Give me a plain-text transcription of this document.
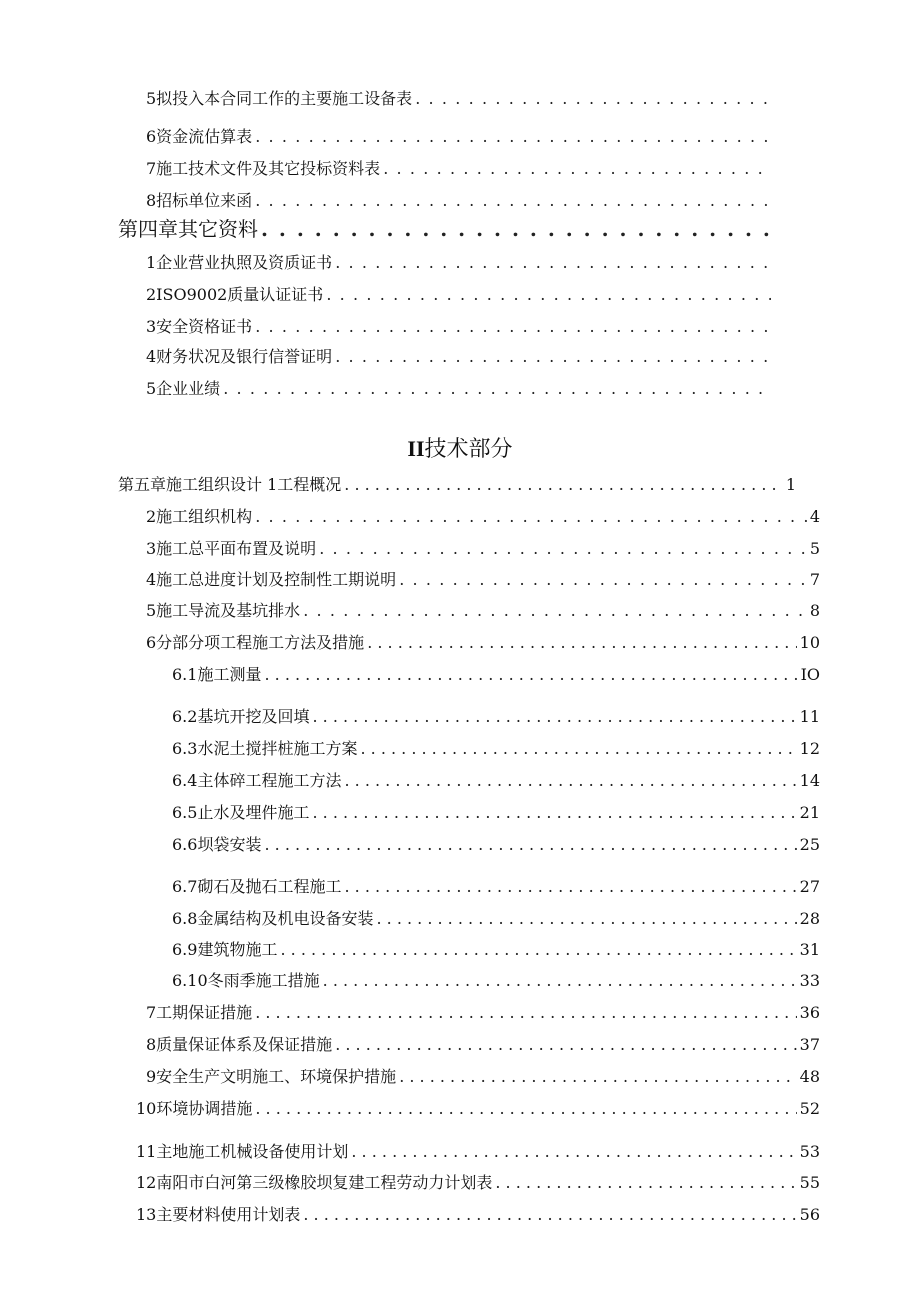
5拟投入本合同工作的主要施工设备表
. . .
6资金流估算表
. . .
7施工技术文件及其它投标资料表
. . .
8招标单位来函
. . .
第四章其它资料
. . .
1企业营业执照及资质证书
. . .
2ISO9002质量认证证书
. . .
3安全资格证书
. . .
4财务状况及银行信誉证明
. . .
5企业业绩
. . .
II技术部分
第五章施工组织设计 1工程概况 . . .	1
2施工组织机构 . . .	4
3施工总平面布置及说明 . . .	5
4施工总进度计划及控制性工期说明 . . .	7
5施工导流及基坑排水 . . .	8
6分部分项工程施工方法及措施 . . .	10
6.1 施工测量 . . .	IO
6.2 基坑开挖及回填 . . .	11
6.3 水泥土搅拌桩施工方案 . . .	12
6.4 主体碎工程施工方法 . . .	14
6.5 止水及埋件施工 . . .	21
6.6 坝袋安装 . . .	25
6.7 砌石及抛石工程施工 . . .	27
6.8 金属结构及机电设备安装 . . .	28
6.9 建筑物施工 . . .	31
6.10 冬雨季施工措施 . . .	33
7工期保证措施 . . .	36
8质量保证体系及保证措施 . . .	37
9安全生产文明施工、环境保护措施 . . .	48
10环境协调措施 . . .	52
11主地施工机械设备使用计划 . . .	53
12南阳市白河第三级橡胶坝复建工程劳动力计划表 . . .	55
13主要材料使用计划表 . . .	56
